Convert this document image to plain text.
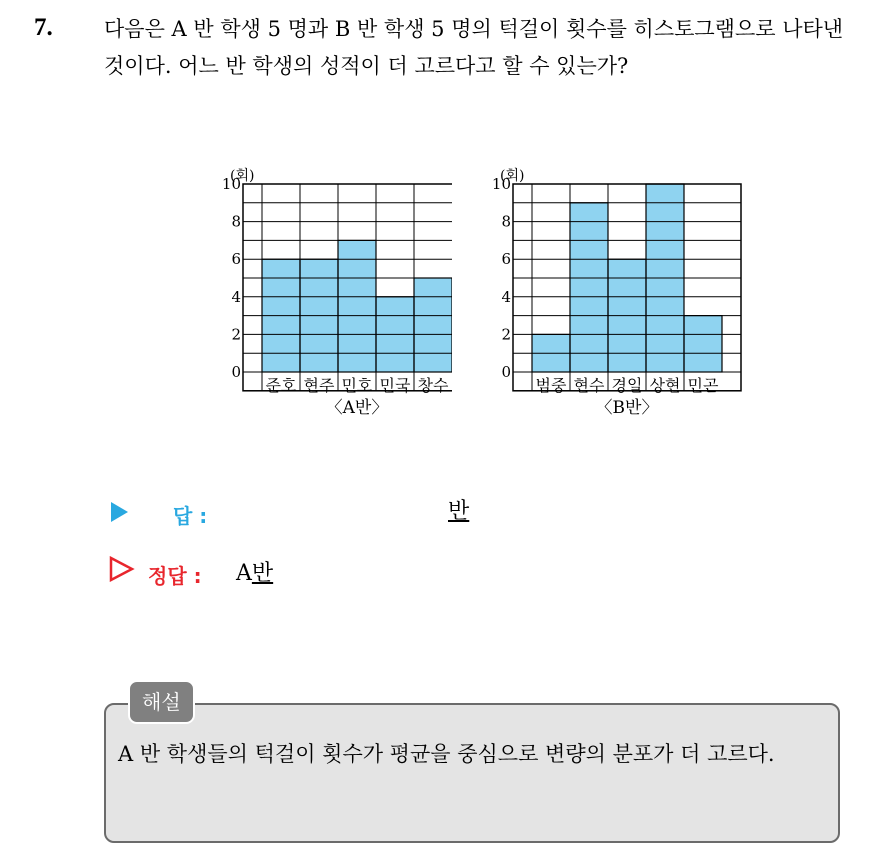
7. 다음은 A 반 학생 5 명과 B 반 학생 5 명의 턱걸이 횟수를 히스토그램으로 나타낸 것이다. 어느 반 학생의 성적이 더 고르다고 할 수 있는가?
0
2
4
6
8
10
(회)
준호 현주 민호 민국 창수
〈A반〉
0
2
4
6
8
10
(회)
범중 현수 경일 상현 민곤
〈B반〉
답 :	반
정답 : A반
해설
A 반 학생들의 턱걸이 횟수가 평균을 중심으로 변량의 분포가 더 고르다.
